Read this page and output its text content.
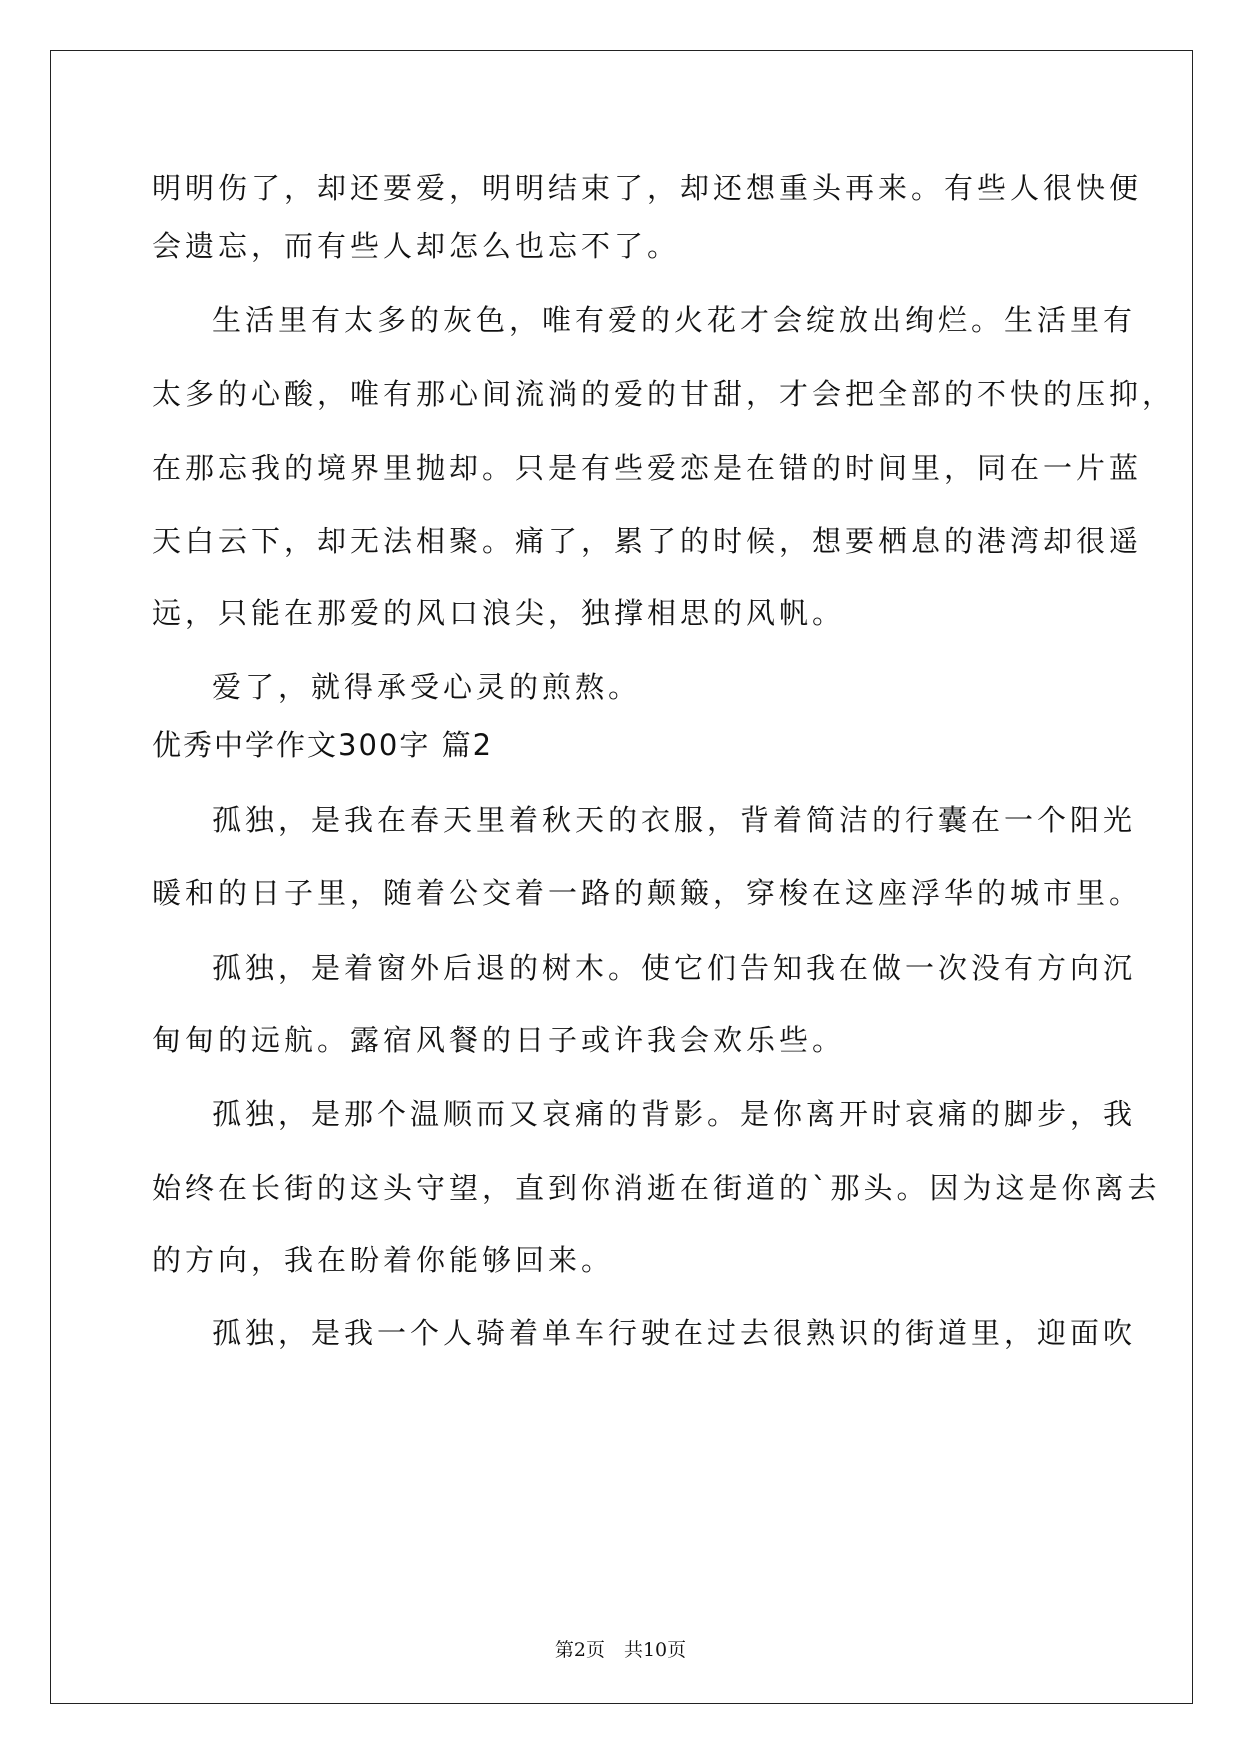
明明伤了，却还要爱，明明结束了，却还想重头再来。有些人很快便
会遗忘，而有些人却怎么也忘不了。
生活里有太多的灰色，唯有爱的火花才会绽放出绚烂。生活里有
太多的心酸，唯有那心间流淌的爱的甘甜，才会把全部的不快的压抑，
在那忘我的境界里抛却。只是有些爱恋是在错的时间里，同在一片蓝
天白云下，却无法相聚。痛了，累了的时候，想要栖息的港湾却很遥
远，只能在那爱的风口浪尖，独撑相思的风帆。
爱了，就得承受心灵的煎熬。
优秀中学作文300字 篇2
孤独，是我在春天里着秋天的衣服，背着简洁的行囊在一个阳光
暖和的日子里，随着公交着一路的颠簸，穿梭在这座浮华的城市里。
孤独，是着窗外后退的树木。使它们告知我在做一次没有方向沉
甸甸的远航。露宿风餐的日子或许我会欢乐些。
孤独，是那个温顺而又哀痛的背影。是你离开时哀痛的脚步，我
始终在长街的这头守望，直到你消逝在街道的`那头。因为这是你离去
的方向，我在盼着你能够回来。
孤独，是我一个人骑着单车行驶在过去很熟识的街道里，迎面吹
第2页　共10页
